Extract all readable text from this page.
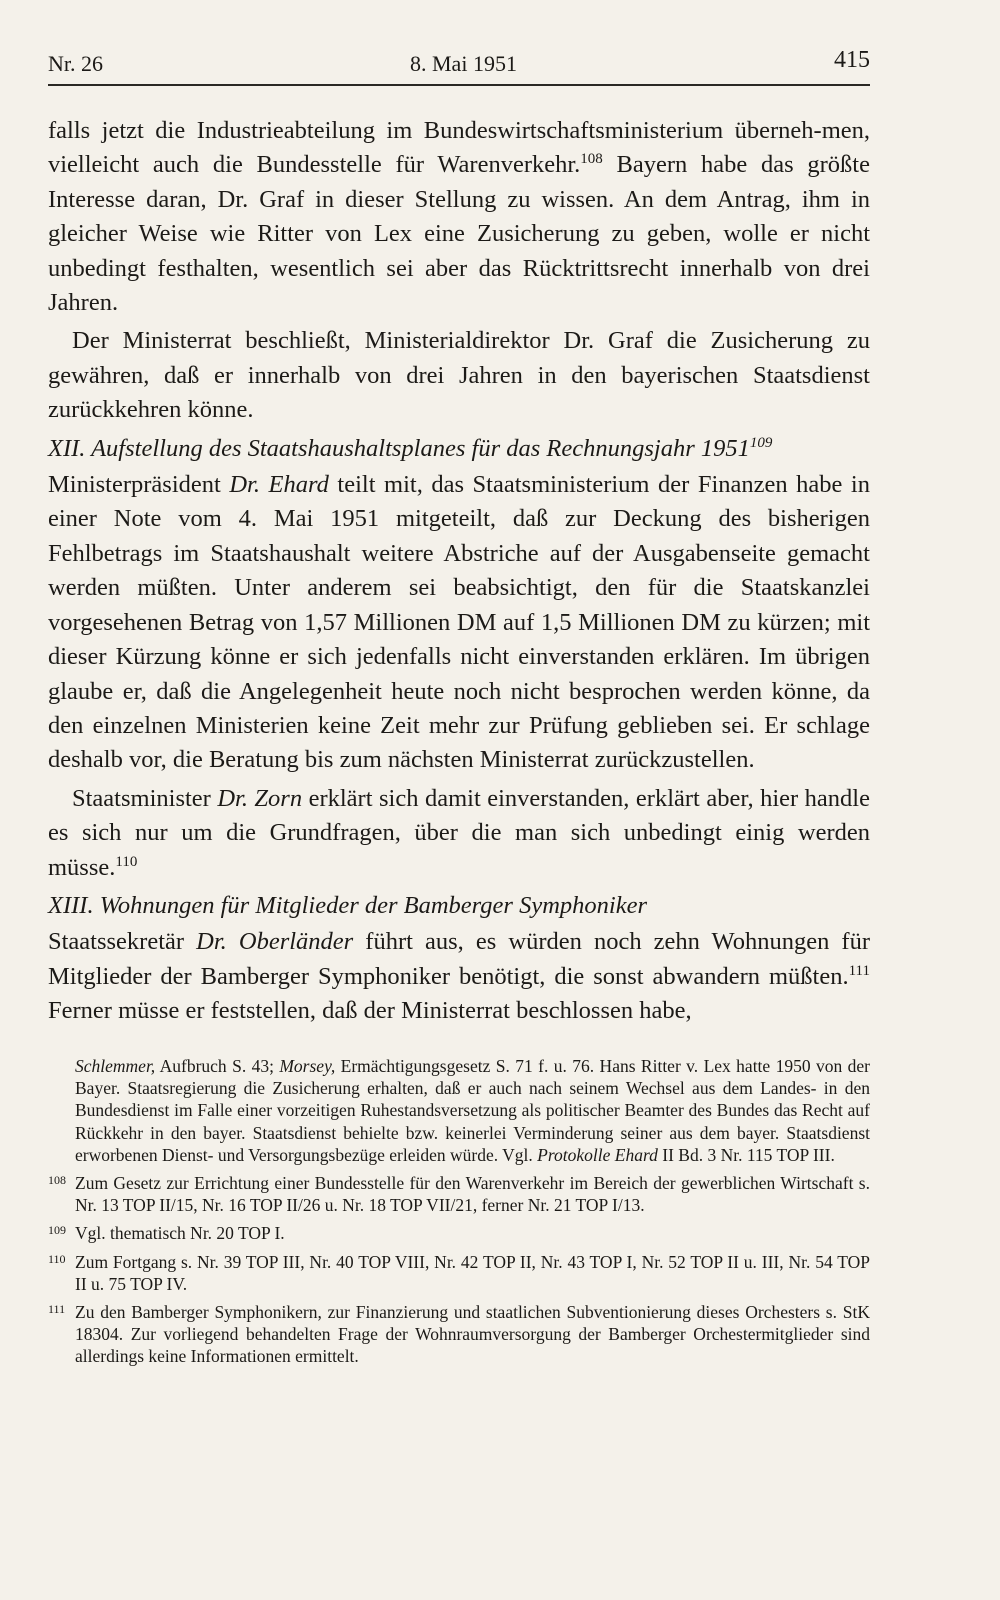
Nr. 26	8. Mai 1951	415

falls jetzt die Industrieabteilung im Bundeswirtschaftsministerium überneh-men, vielleicht auch die Bundesstelle für Warenverkehr.$^{108}$ Bayern habe das größte Interesse daran, Dr. Graf in dieser Stellung zu wissen. An dem Antrag, ihm in gleicher Weise wie Ritter von Lex eine Zusicherung zu geben, wolle er nicht unbedingt festhalten, wesentlich sei aber das Rücktrittsrecht innerhalb von drei Jahren.

Der Ministerrat beschließt, Ministerialdirektor Dr. Graf die Zusicherung zu gewähren, daß er innerhalb von drei Jahren in den bayerischen Staatsdienst zurückkehren könne.

XII. Aufstellung des Staatshaushaltsplanes für das Rechnungsjahr 1951$^{109}$

Ministerpräsident Dr. Ehard teilt mit, das Staatsministerium der Finanzen habe in einer Note vom 4. Mai 1951 mitgeteilt, daß zur Deckung des bisherigen Fehlbetrags im Staatshaushalt weitere Abstriche auf der Ausgabenseite gemacht werden müßten. Unter anderem sei beabsichtigt, den für die Staatskanzlei vorgesehenen Betrag von 1,57 Millionen DM auf 1,5 Millionen DM zu kürzen; mit dieser Kürzung könne er sich jedenfalls nicht einverstanden erklären. Im übrigen glaube er, daß die Angelegenheit heute noch nicht besprochen werden könne, da den einzelnen Ministerien keine Zeit mehr zur Prüfung geblieben sei. Er schlage deshalb vor, die Beratung bis zum nächsten Ministerrat zurückzustellen.

Staatsminister Dr. Zorn erklärt sich damit einverstanden, erklärt aber, hier handle es sich nur um die Grundfragen, über die man sich unbedingt einig werden müsse.$^{110}$

XIII. Wohnungen für Mitglieder der Bamberger Symphoniker

Staatssekretär Dr. Oberländer führt aus, es würden noch zehn Wohnungen für Mitglieder der Bamberger Symphoniker benötigt, die sonst abwandern müßten.$^{111}$ Ferner müsse er feststellen, daß der Ministerrat beschlossen habe,

Schlemmer, Aufbruch S. 43; Morsey, Ermächtigungsgesetz S. 71 f. u. 76. Hans Ritter v. Lex hatte 1950 von der Bayer. Staatsregierung die Zusicherung erhalten, daß er auch nach seinem Wechsel aus dem Landes- in den Bundesdienst im Falle einer vorzeitigen Ruhestandsversetzung als politischer Beamter des Bundes das Recht auf Rückkehr in den bayer. Staatsdienst behielte bzw. keinerlei Verminderung seiner aus dem bayer. Staatsdienst erworbenen Dienst- und Versorgungsbezüge erleiden würde. Vgl. Protokolle Ehard II Bd. 3 Nr. 115 TOP III.
108 Zum Gesetz zur Errichtung einer Bundesstelle für den Warenverkehr im Bereich der gewerblichen Wirtschaft s. Nr. 13 TOP II/15, Nr. 16 TOP II/26 u. Nr. 18 TOP VII/21, ferner Nr. 21 TOP I/13.
109 Vgl. thematisch Nr. 20 TOP I.
110 Zum Fortgang s. Nr. 39 TOP III, Nr. 40 TOP VIII, Nr. 42 TOP II, Nr. 43 TOP I, Nr. 52 TOP II u. III, Nr. 54 TOP II u. 75 TOP IV.
111 Zu den Bamberger Symphonikern, zur Finanzierung und staatlichen Subventionierung dieses Orchesters s. StK 18304. Zur vorliegend behandelten Frage der Wohnraumversorgung der Bamberger Orchestermitglieder sind allerdings keine Informationen ermittelt.
